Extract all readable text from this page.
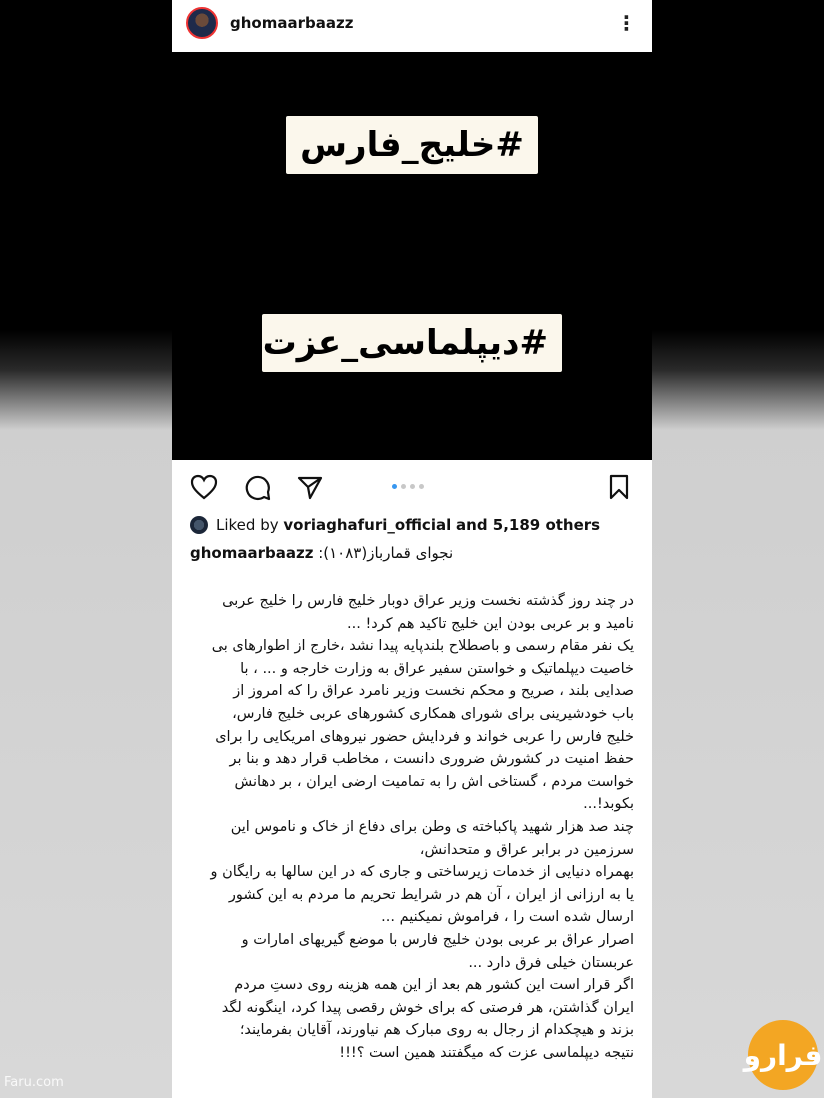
Faru.com
ghomaarbaazz	⋮
#خلیج_فارس
#دیپلماسی_عزت
Liked by
voriaghafuri_official
and 5,189 others
ghomaarbaazz نجوای قمارباز(۱۰۸۳):
در چند روز گذشته نخست وزیر عراق دوبار خلیج فارس را خلیج عربی
نامید و بر عربی بودن این خلیج تاکید هم کرد! ...
یک نفر مقام رسمی و باصطلاح بلندپایه پیدا نشد ،خارج از اطوارهای بی
خاصیت دیپلماتیک و خواستن سفیر عراق به وزارت خارجه و ... ، با
صدایی بلند ، صریح و محکم نخست وزیر نامرد عراق را که امروز از
باب خودشیرینی برای شورای همکاری کشورهای عربی خلیج فارس،
خلیج فارس را عربی خواند و فردایش حضور نیروهای امریکایی را برای
حفظ امنیت در کشورش ضروری دانست ، مخاطب قرار دهد و بنا بر
خواست مردم ، گستاخی اش را به تمامیت ارضی ایران ، بر دهانش
بکوبد!...
چند صد هزار شهید پاکباخته ی وطن برای دفاع از خاک و ناموس این
سرزمین در برابر عراق و متحدانش،
بهمراه دنیایی از خدمات زیرساختی و جاری که در این سالها به رایگان و
یا به ارزانی از ایران ، آن هم در شرایط تحریم ما مردم به این کشور
ارسال شده است را ، فراموش نمیکنیم ...
اصرار عراق بر عربی بودن خلیج فارس با موضع گیریهای امارات و
عربستان خیلی فرق دارد ...
اگر قرار است این کشور هم بعد از این همه هزینه روی دستِ مردم
ایران گذاشتن، هر فرصتی که برای خوش رقصی پیدا کرد، اینگونه لگد
بزند و هیچکدام از رجال به روی مبارک هم نیاورند، آقایان بفرمایند؛
نتیجه دیپلماسی عزت که میگفتند همین است ؟!!!	فرارو
